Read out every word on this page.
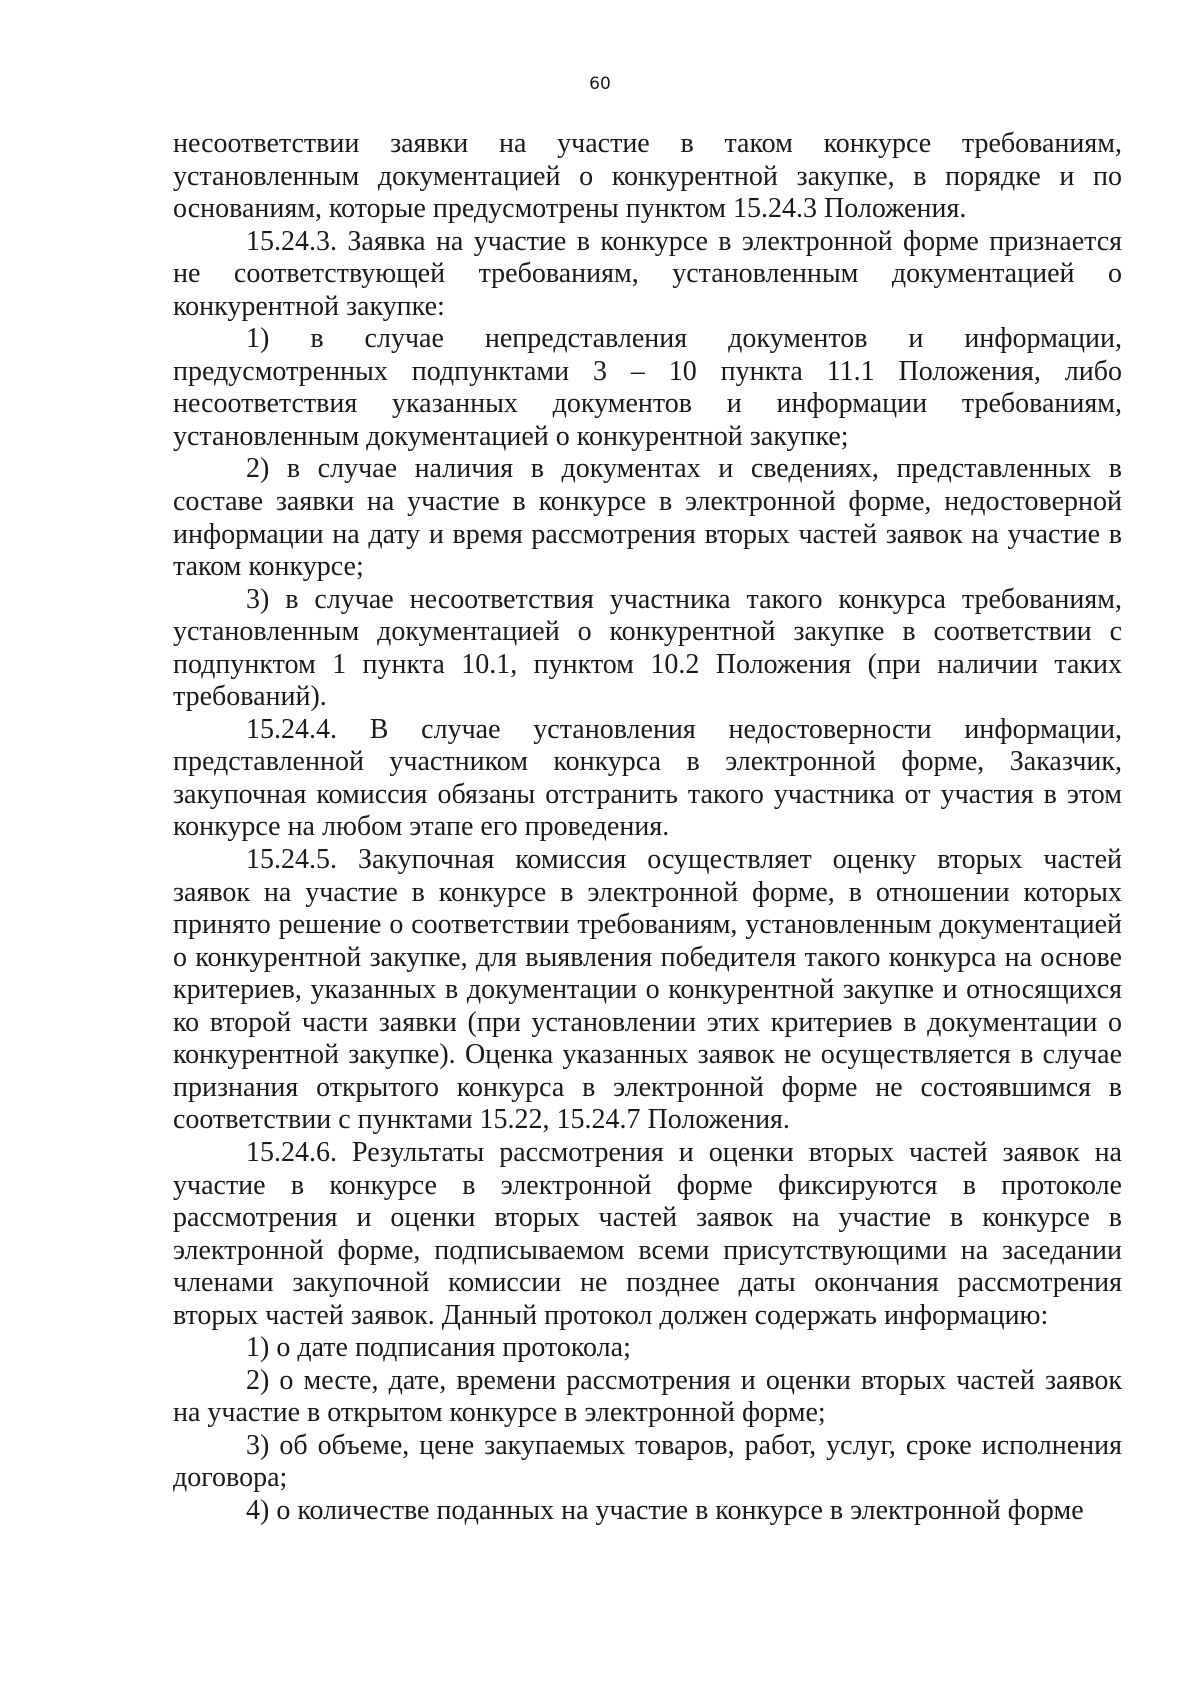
60

несоответствии заявки на участие в таком конкурсе требованиям, установленным документацией о конкурентной закупке, в порядке и по основаниям, которые предусмотрены пунктом 15.24.3 Положения.

15.24.3. Заявка на участие в конкурсе в электронной форме признается не соответствующей требованиям, установленным документацией о конкурентной закупке:

1) в случае непредставления документов и информации, предусмотренных подпунктами 3 – 10 пункта 11.1 Положения, либо несоответствия указанных документов и информации требованиям, установленным документацией о конкурентной закупке;

2) в случае наличия в документах и сведениях, представленных в составе заявки на участие в конкурсе в электронной форме, недостоверной информации на дату и время рассмотрения вторых частей заявок на участие в таком конкурсе;

3) в случае несоответствия участника такого конкурса требованиям, установленным документацией о конкурентной закупке в соответствии с подпунктом 1 пункта 10.1, пунктом 10.2 Положения (при наличии таких требований).

15.24.4. В случае установления недостоверности информации, представленной участником конкурса в электронной форме, Заказчик, закупочная комиссия обязаны отстранить такого участника от участия в этом конкурсе на любом этапе его проведения.

15.24.5. Закупочная комиссия осуществляет оценку вторых частей заявок на участие в конкурсе в электронной форме, в отношении которых принято решение о соответствии требованиям, установленным документацией о конкурентной закупке, для выявления победителя такого конкурса на основе критериев, указанных в документации о конкурентной закупке и относящихся ко второй части заявки (при установлении этих критериев в документации о конкурентной закупке). Оценка указанных заявок не осуществляется в случае признания открытого конкурса в электронной форме не состоявшимся в соответствии с пунктами 15.22, 15.24.7 Положения.

15.24.6. Результаты рассмотрения и оценки вторых частей заявок на участие в конкурсе в электронной форме фиксируются в протоколе рассмотрения и оценки вторых частей заявок на участие в конкурсе в электронной форме, подписываемом всеми присутствующими на заседании членами закупочной комиссии не позднее даты окончания рассмотрения вторых частей заявок. Данный протокол должен содержать информацию:

1) о дате подписания протокола;

2) о месте, дате, времени рассмотрения и оценки вторых частей заявок на участие в открытом конкурсе в электронной форме;

3) об объеме, цене закупаемых товаров, работ, услуг, сроке исполнения договора;

4) о количестве поданных на участие в конкурсе в электронной форме
